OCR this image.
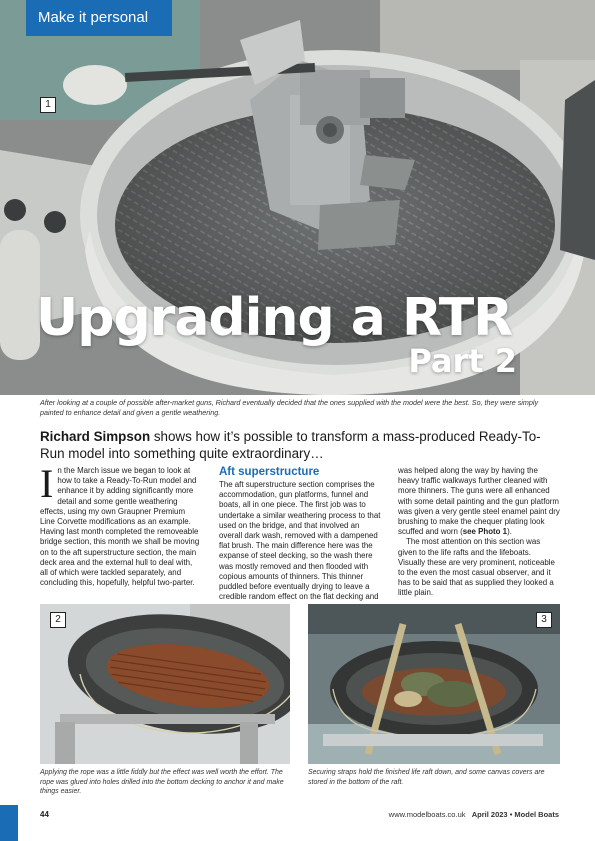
Make it personal
1
Upgrading a RTR
Part 2
After looking at a couple of possible after-market guns, Richard eventually decided that the ones supplied with the model were the best. So, they were simply painted to enhance detail and given a gentle weathering.
Richard Simpson shows how it’s possible to transform a mass-produced Ready-To-Run model into something quite extraordinary…
In the March issue we began to look at how to take a Ready-To-Run model and enhance it by adding significantly more detail and some gentle weathering effects, using my own Graupner Premium Line Corvette modifications as an example. Having last month completed the removeable bridge section, this month we shall be moving on to the aft superstructure section, the main deck area and the external hull to deal with, all of which were tackled separately, and concluding this, hopefully, helpful two-parter.
Aft superstructure

The aft superstructure section comprises the accommodation, gun platforms, funnel and boats, all in one piece. The first job was to undertake a similar weathering process to that used on the bridge, and that involved an overall dark wash, removed with a dampened flat brush. The main difference here was the expanse of steel decking, so the wash there was mostly removed and then flooded with copious amounts of thinners. This thinner puddled before eventually drying to leave a credible random effect on the flat decking and

was helped along the way by having the heavy traffic walkways further cleaned with more thinners. The guns were all enhanced with some detail painting and the gun platform was given a very gentle steel enamel paint dry brushing to make the chequer plating look scuffed and worn (see Photo 1).

The most attention on this section was given to the life rafts and the lifeboats. Visually these are very prominent, noticeable to the even the most casual observer, and it has to be said that as supplied they looked a little plain.

2	3
Applying the rope was a little fiddly but the effect was well worth the effort. The rope was glued into holes drilled into the bottom decking to anchor it and make things easier.
Securing straps hold the finished life raft down, and some canvas covers are stored in the bottom of the raft.
44	www.modelboats.co.uk April 2023 • Model Boats
